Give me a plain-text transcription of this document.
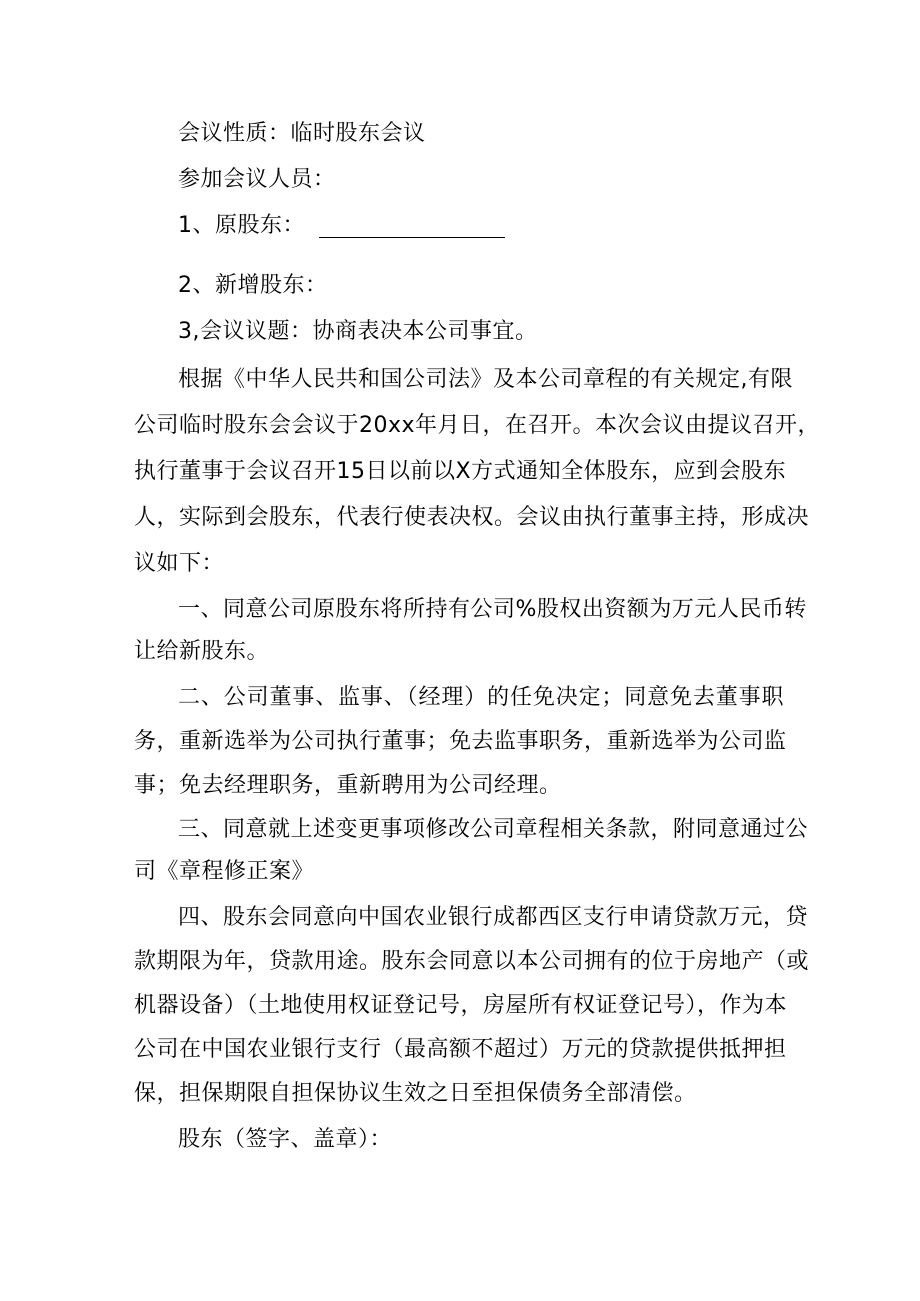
会议性质：临时股东会议
参加会议人员：
1、原股东：
2、新增股东：
3,会议议题：协商表决本公司事宜。
根据《中华人民共和国公司法》及本公司章程的有关规定,有限
公司临时股东会会议于20xx年月日，在召开。本次会议由提议召开，
执行董事于会议召开15日以前以X方式通知全体股东，应到会股东
人，实际到会股东，代表行使表决权。会议由执行董事主持，形成决
议如下：
一、同意公司原股东将所持有公司%股权出资额为万元人民币转
让给新股东。
二、公司董事、监事、（经理）的任免决定；同意免去董事职
务，重新选举为公司执行董事；免去监事职务，重新选举为公司监
事；免去经理职务，重新聘用为公司经理。
三、同意就上述变更事项修改公司章程相关条款，附同意通过公
司《章程修正案》
四、股东会同意向中国农业银行成都西区支行申请贷款万元，贷
款期限为年，贷款用途。股东会同意以本公司拥有的位于房地产（或
机器设备）（土地使用权证登记号，房屋所有权证登记号），作为本
公司在中国农业银行支行（最高额不超过）万元的贷款提供抵押担
保，担保期限自担保协议生效之日至担保债务全部清偿。
股东（签字、盖章）：
